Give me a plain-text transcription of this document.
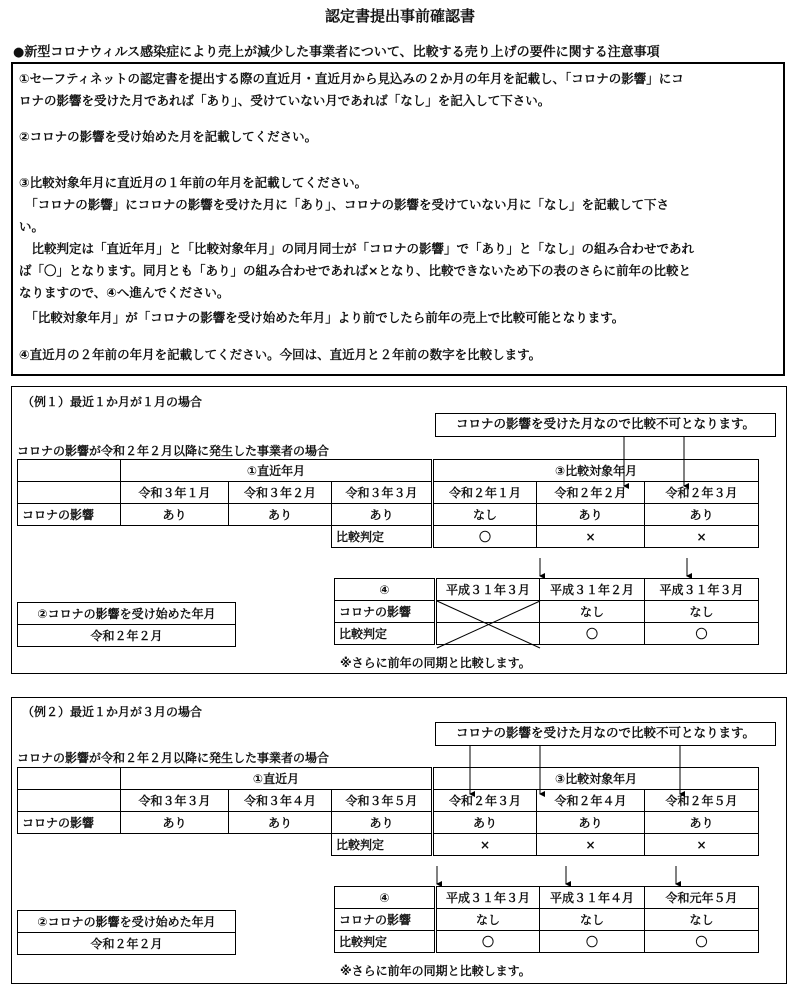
認定書提出事前確認書
●新型コロナウィルス感染症により売上が減少した事業者について、比較する売り上げの要件に関する注意事項
①セーフティネットの認定書を提出する際の直近月・直近月から見込みの２か月の年月を記載し、「コロナの影響」にコ
ロナの影響を受けた月であれば「あり」、受けていない月であれば「なし」を記入して下さい。
②コロナの影響を受け始めた月を記載してください。
③比較対象年月に直近月の１年前の年月を記載してください。
　「コロナの影響」にコロナの影響を受けた月に「あり」、コロナの影響を受けていない月に「なし」を記載して下さ
い。
　比較判定は「直近年月」と「比較対象年月」の同月同士が「コロナの影響」で「あり」と「なし」の組み合わせであれ
ば「〇」となります。同月とも「あり」の組み合わせであれば×となり、比較できないため下の表のさらに前年の比較と
なりますので、④へ進んでください。
　「比較対象年月」が「コロナの影響を受け始めた年月」より前でしたら前年の売上で比較可能となります。
④直近月の２年前の年月を記載してください。今回は、直近月と２年前の数字を比較します。
（例１）最近１か月が１月の場合
コロナの影響を受けた月なので比較不可となります。
コロナの影響が令和２年２月以降に発生した事業者の場合
	①直近年月			③比較対象年月		
	令和３年１月	令和３年２月	令和３年３月	令和２年１月	令和２年２月	令和２年３月
コロナの影響	あり	あり	あり	なし	あり	あり
			比較判定	〇	×	×
④	平成３１年３月	平成３１年２月	平成３１年３月
コロナの影響		なし	なし
比較判定		〇	〇
②コロナの影響を受け始めた年月
令和２年２月
※さらに前年の同期と比較します。
（例２）最近１か月が３月の場合
コロナの影響を受けた月なので比較不可となります。
コロナの影響が令和２年２月以降に発生した事業者の場合
	①直近月			③比較対象年月		
	令和３年３月	令和３年４月	令和３年５月	令和２年３月	令和２年４月	令和２年５月
コロナの影響	あり	あり	あり	あり	あり	あり
			比較判定	×	×	×
④	平成３１年３月	平成３１年４月	令和元年５月
コロナの影響	なし	なし	なし
比較判定	〇	〇	〇
②コロナの影響を受け始めた年月
令和２年２月
※さらに前年の同期と比較します。
